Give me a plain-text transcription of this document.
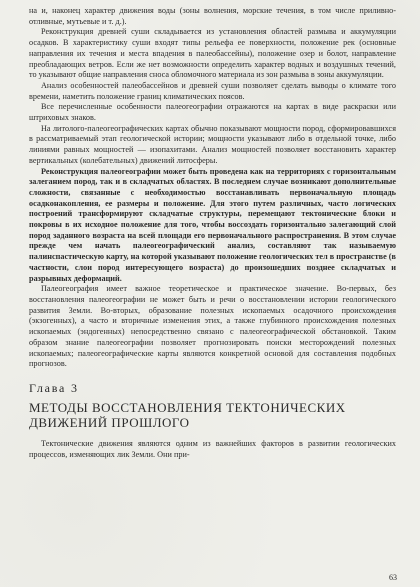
на и, наконец характер движения воды (зоны волнения, морские течения, в том числе приливно-отливные, мутьевые и т. д.).

Реконструкция древней суши складывается из установления областей размыва и аккумуляции осадков. В характеристику суши входят типы рельефа ее поверхности, положение рек (основные направления их течения и места впадения в палеобассейны), положение озер и болот, направление преобладающих ветров. Если же нет возможности определить характер водных и воздушных течений, то указывают общие направления сноса обломочного материала из зон размыва в зоны аккумуляции.

Анализ особенностей палеобассейнов и древней суши позволяет сделать выводы о климате того времени, наметить положение границ климатических поясов.

Все перечисленные особенности палеогеографии отражаются на картах в виде раскраски или штриховых знаков.

На литолого-палеогеографических картах обычно показывают мощности пород, сформировавшихся в рассматриваемый этап геологической истории; мощности указывают либо в отдельной точке, либо линиями равных мощностей — изопахитами. Анализ мощностей позволяет восстановить характер вертикальных (колебательных) движений литосферы.

Реконструкция палеогеографии может быть проведена как на территориях с горизонтальным залеганием пород, так и в складчатых областях. В последнем случае возникают дополнительные сложности, связанные с необходимостью восстанавливать первоначальную площадь осадконакопления, ее размеры и положение. Для этого путем различных, часто логических построений трансформируют складчатые структуры, перемещают тектонические блоки и покровы в их исходное положение для того, чтобы воссоздать горизонтально залегающий слой пород заданного возраста на всей площади его первоначального распространения. В этом случае прежде чем начать палеогеографический анализ, составляют так называемую палинспастическую карту, на которой указывают положение геологических тел в пространстве (в частности, слои пород интересующего возраста) до произошедших позднее складчатых и разрывных деформаций.

Палеогеография имеет важное теоретическое и практическое значение. Во-первых, без восстановления палеогеографии не может быть и речи о восстановлении истории геологического развития Земли. Во-вторых, образование полезных ископаемых осадочного происхождения (экзогенных), а часто и вторичные изменения этих, а также глубинного происхождения полезных ископаемых (эндогенных) непосредственно связано с палеогеографической обстановкой. Таким образом знание палеогеографии позволяет прогнозировать поиски месторождений полезных ископаемых; палеогеографические карты являются конкретной основой для составления подобных прогнозов.

Глава 3
МЕТОДЫ ВОССТАНОВЛЕНИЯ ТЕКТОНИЧЕСКИХ ДВИЖЕНИЙ ПРОШЛОГО

Тектонические движения являются одним из важнейших факторов в развитии геологических процессов, изменяющих лик Земли. Они при-

63
